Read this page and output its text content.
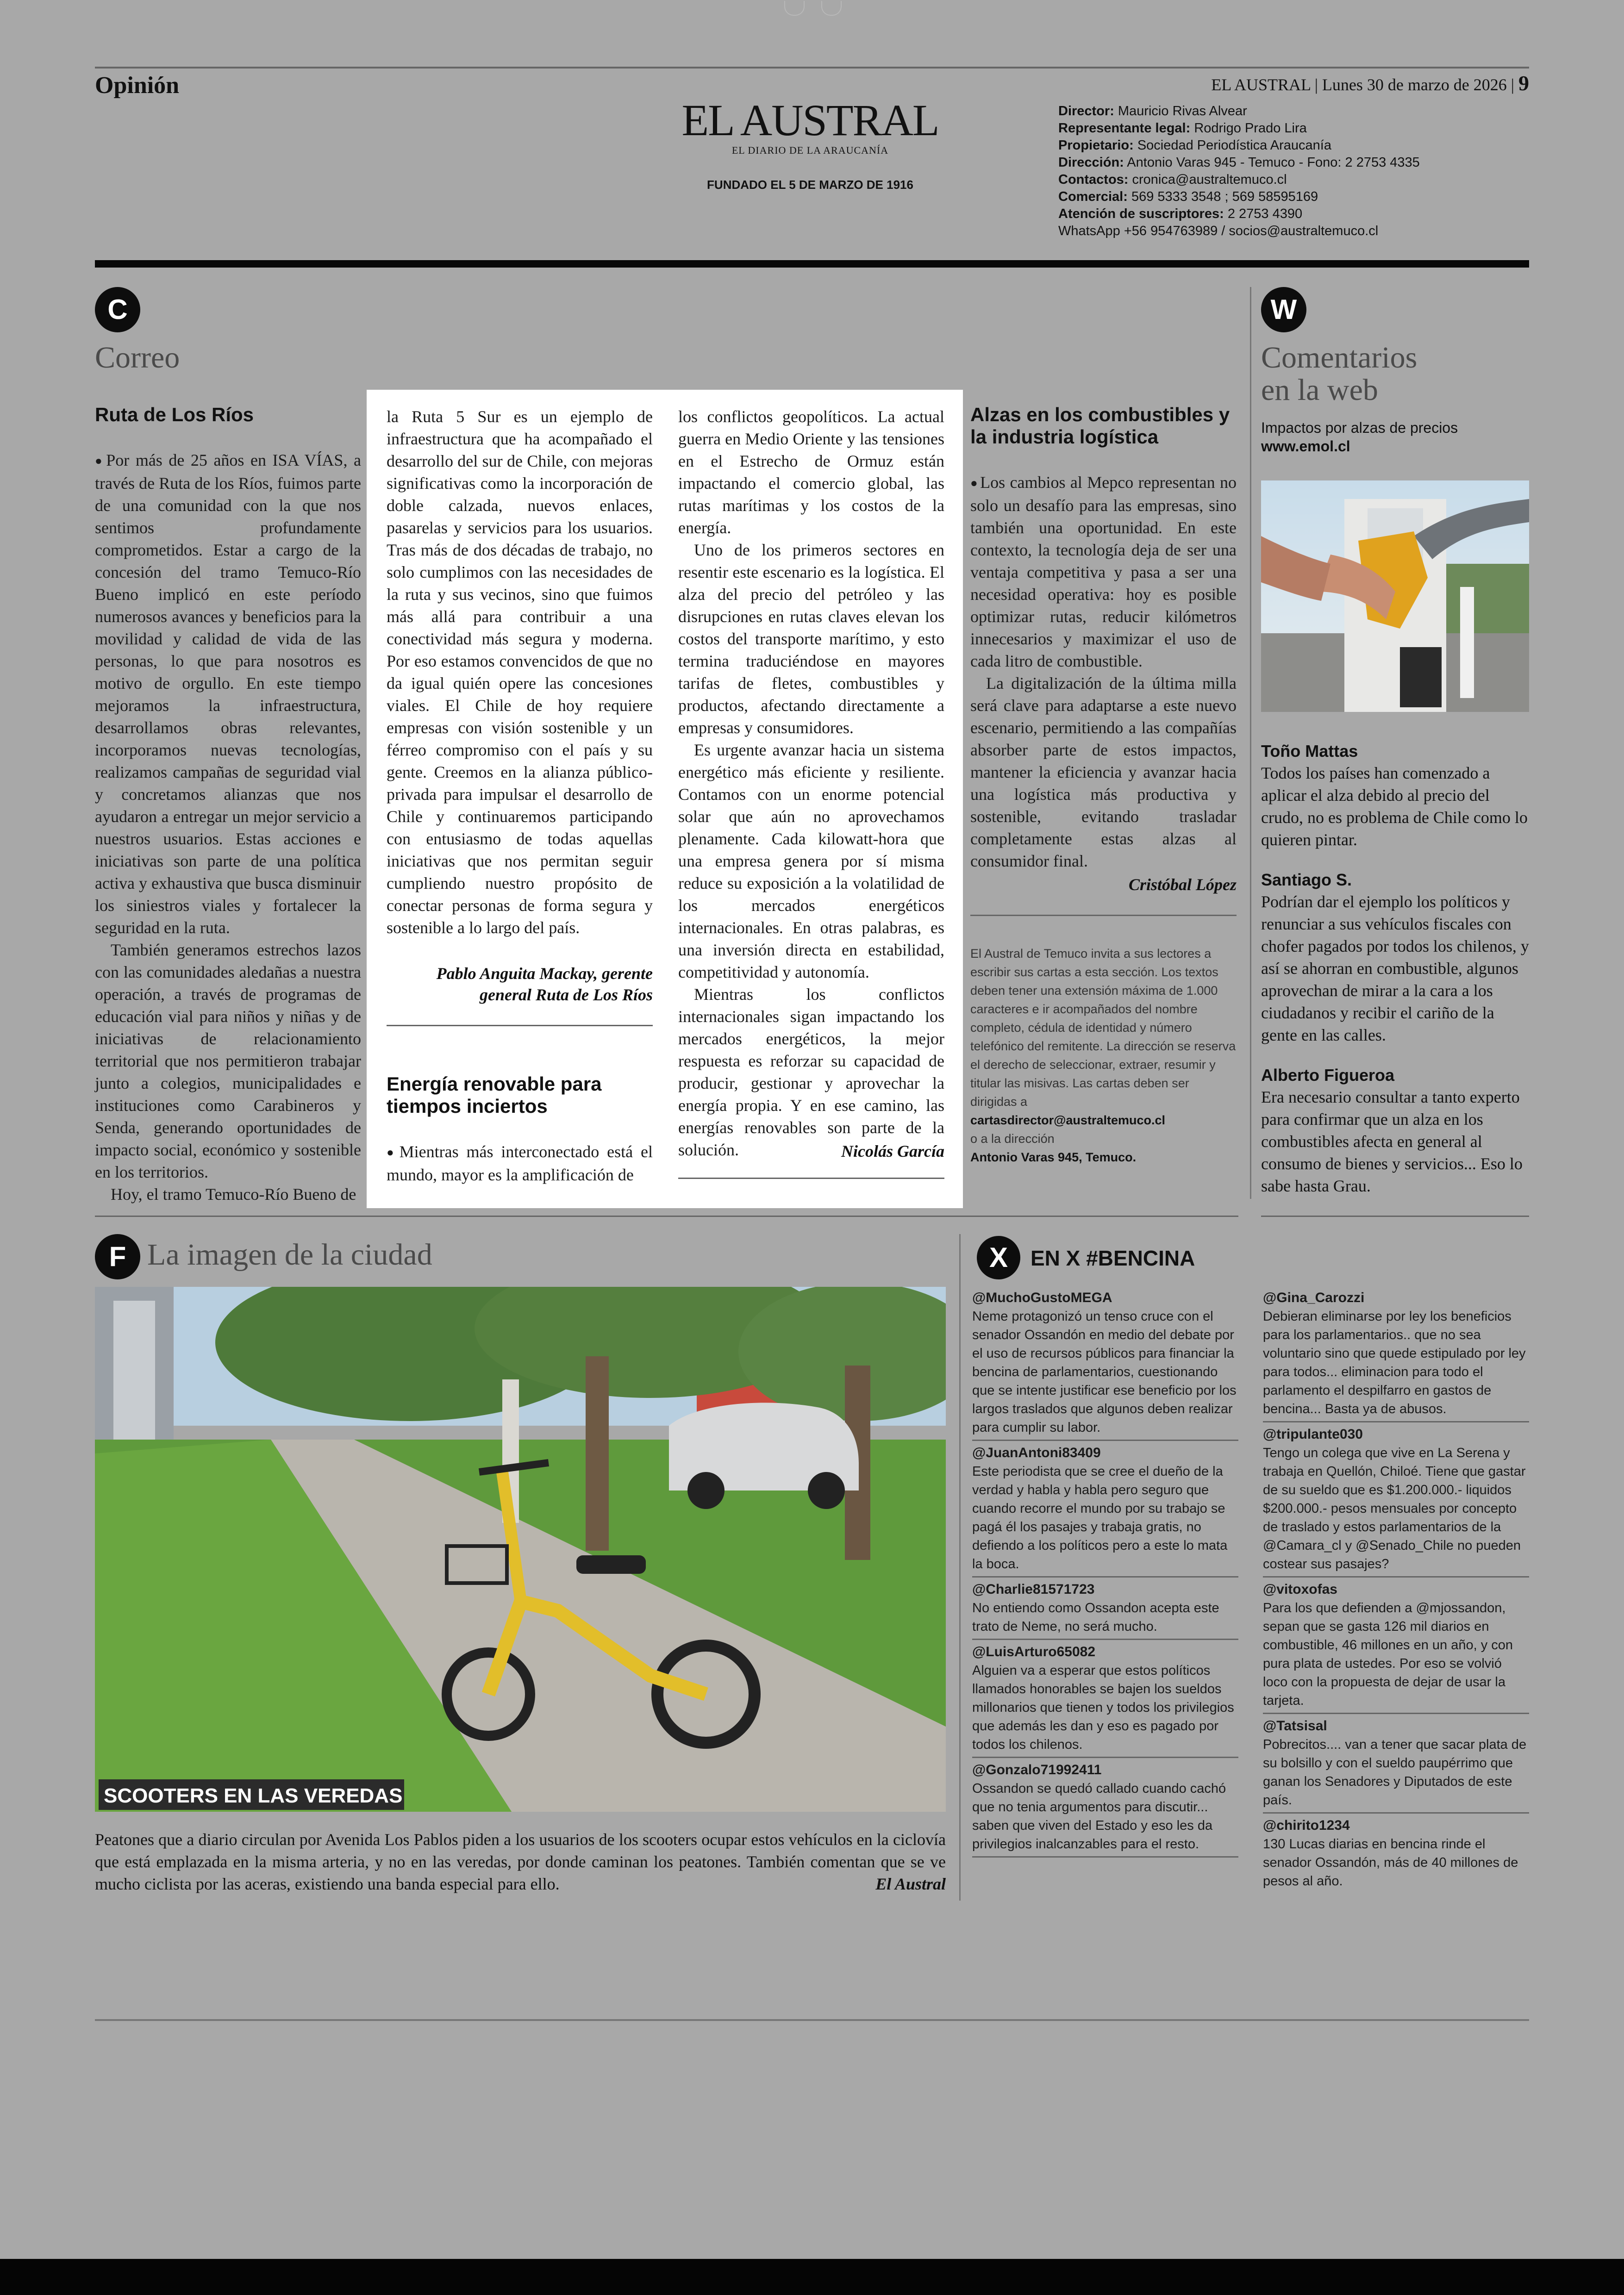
Opinión	EL AUSTRAL | Lunes 30 de marzo de 2026 | 9
EL AUSTRAL
EL DIARIO DE LA ARAUCANÍA
FUNDADO EL 5 DE MARZO DE 1916
Director: Mauricio Rivas Alvear
Representante legal: Rodrigo Prado Lira
Propietario: Sociedad Periodística Araucanía
Dirección: Antonio Varas 945 - Temuco - Fono: 2 2753 4335
Contactos: cronica@australtemuco.cl
Comercial: 569 5333 3548 ; 569 58595169
Atención de suscriptores: 2 2753 4390
WhatsApp +56 954763989 / socios@australtemuco.cl
C
Correo
Ruta de Los Ríos

● Por más de 25 años en ISA VÍAS, a través de Ruta de los Ríos, fuimos parte de una comunidad con la que nos sentimos profundamente comprometidos. Estar a cargo de la concesión del tramo Temuco-Río Bueno implicó en este período numerosos avances y beneficios para la movilidad y calidad de vida de las personas, lo que para nosotros es motivo de orgullo. En este tiempo mejoramos la infraestructura, desarrollamos obras relevantes, incorporamos nuevas tecnologías, realizamos campañas de seguridad vial y concretamos alianzas que nos ayudaron a entregar un mejor servicio a nuestros usuarios. Estas acciones e iniciativas son parte de una política activa y exhaustiva que busca disminuir los siniestros viales y fortalecer la seguridad en la ruta.

También generamos estrechos lazos con las comunidades aledañas a nuestra operación, a través de programas de educación vial para niños y niñas y de iniciativas de relacionamiento territorial que nos permitieron trabajar junto a colegios, municipalidades e instituciones como Carabineros y Senda, generando oportunidades de impacto social, económico y sostenible en los territorios.

Hoy, el tramo Temuco-Río Bueno de

la Ruta 5 Sur es un ejemplo de infraestructura que ha acompañado el desarrollo del sur de Chile, con mejoras significativas como la incorporación de doble calzada, nuevos enlaces, pasarelas y servicios para los usuarios. Tras más de dos décadas de trabajo, no solo cumplimos con las necesidades de la ruta y sus vecinos, sino que fuimos más allá para contribuir a una conectividad más segura y moderna. Por eso estamos convencidos de que no da igual quién opere las concesiones viales. El Chile de hoy requiere empresas con visión sostenible y un férreo compromiso con el país y su gente. Creemos en la alianza público-privada para impulsar el desarrollo de Chile y continuaremos participando con entusiasmo de todas aquellas iniciativas que nos permitan seguir cumpliendo nuestro propósito de conectar personas de forma segura y sostenible a lo largo del país.

Pablo Anguita Mackay, gerente general Ruta de Los Ríos
Energía renovable para tiempos inciertos

● Mientras más interconectado está el mundo, mayor es la amplificación de

los conflictos geopolíticos. La actual guerra en Medio Oriente y las tensiones en el Estrecho de Ormuz están impactando el comercio global, las rutas marítimas y los costos de la energía.

Uno de los primeros sectores en resentir este escenario es la logística. El alza del precio del petróleo y las disrupciones en rutas claves elevan los costos del transporte marítimo, y esto termina traduciéndose en mayores tarifas de fletes, combustibles y productos, afectando directamente a empresas y consumidores.

Es urgente avanzar hacia un sistema energético más eficiente y resiliente. Contamos con un enorme potencial solar que aún no aprovechamos plenamente. Cada kilowatt-hora que una empresa genera por sí misma reduce su exposición a la volatilidad de los mercados energéticos internacionales. En otras palabras, es una inversión directa en estabilidad, competitividad y autonomía.

Mientras los conflictos internacionales sigan impactando los mercados energéticos, la mejor respuesta es reforzar su capacidad de producir, gestionar y aprovechar la energía propia. Y en ese camino, las energías renovables son parte de la solución.	Nicolás García
Alzas en los combustibles y la industria logística

● Los cambios al Mepco representan no solo un desafío para las empresas, sino también una oportunidad. En este contexto, la tecnología deja de ser una ventaja competitiva y pasa a ser una necesidad operativa: hoy es posible optimizar rutas, reducir kilómetros innecesarios y maximizar el uso de cada litro de combustible.

La digitalización de la última milla será clave para adaptarse a este nuevo escenario, permitiendo a las compañías absorber parte de estos impactos, mantener la eficiencia y avanzar hacia una logística más productiva y sostenible, evitando trasladar completamente estas alzas al consumidor final.

Cristóbal López
El Austral de Temuco invita a sus lectores a escribir sus cartas a esta sección. Los textos deben tener una extensión máxima de 1.000 caracteres e ir acompañados del nombre completo, cédula de identidad y número telefónico del remitente. La dirección se reserva el derecho de seleccionar, extraer, resumir y titular las misivas. Las cartas deben ser dirigidas a
cartasdirector@australtemuco.cl
o a la dirección
Antonio Varas 945, Temuco.
W
Comentarios
en la web
Impactos por alzas de precios
www.emol.cl
Toño Mattas
Todos los países han comenzado a aplicar el alza debido al precio del crudo, no es problema de Chile como lo quieren pintar.
Santiago S.
Podrían dar el ejemplo los políticos y renunciar a sus vehículos fiscales con chofer pagados por todos los chilenos, y así se ahorran en combustible, algunos aprovechan de mirar a la cara a los ciudadanos y recibir el cariño de la gente en las calles.
Alberto Figueroa
Era necesario consultar a tanto experto para confirmar que un alza en los combustibles afecta en general al consumo de bienes y servicios... Eso lo sabe hasta Grau.
F La imagen de la ciudad
SCOOTERS EN LAS VEREDAS
Peatones que a diario circulan por Avenida Los Pablos piden a los usuarios de los scooters ocupar estos vehículos en la ciclovía que está emplazada en la misma arteria, y no en las veredas, por donde caminan los peatones. También comentan que se ve mucho ciclista por las aceras, existiendo una banda especial para ello.	El Austral
X	EN X #BENCINA
@MuchoGustoMEGA
Neme protagonizó un tenso cruce con el senador Ossandón en medio del debate por el uso de recursos públicos para financiar la bencina de parlamentarios, cuestionando que se intente justificar ese beneficio por los largos traslados que algunos deben realizar para cumplir su labor.
@JuanAntoni83409
Este periodista que se cree el dueño de la verdad y habla y habla pero seguro que cuando recorre el mundo por su trabajo se pagá él los pasajes y trabaja gratis, no defiendo a los políticos pero a este lo mata la boca.
@Charlie81571723
No entiendo como Ossandon acepta este trato de Neme, no será mucho.
@LuisArturo65082
Alguien va a esperar que estos políticos llamados honorables se bajen los sueldos millonarios que tienen y todos los privilegios que además les dan y eso es pagado por todos los chilenos.
@Gonzalo71992411
Ossandon se quedó callado cuando cachó que no tenia argumentos para discutir... saben que viven del Estado y eso les da privilegios inalcanzables para el resto.
@Gina_Carozzi
Debieran eliminarse por ley los beneficios para los parlamentarios.. que no sea voluntario sino que quede estipulado por ley para todos... eliminacion para todo el parlamento el despilfarro en gastos de bencina... Basta ya de abusos.
@tripulante030
Tengo un colega que vive en La Serena y trabaja en Quellón, Chiloé. Tiene que gastar de su sueldo que es $1.200.000.- liquidos $200.000.- pesos mensuales por concepto de traslado y estos parlamentarios de la @Camara_cl y @Senado_Chile no pueden costear sus pasajes?
@vitoxofas
Para los que defienden a @mjossandon, sepan que se gasta 126 mil diarios en combustible, 46 millones en un año, y con pura plata de ustedes. Por eso se volvió loco con la propuesta de dejar de usar la tarjeta.
@Tatsisal
Pobrecitos.... van a tener que sacar plata de su bolsillo y con el sueldo paupérrimo que ganan los Senadores y Diputados de este país.
@chirito1234
130 Lucas diarias en bencina rinde el senador Ossandón, más de 40 millones de pesos al año.
